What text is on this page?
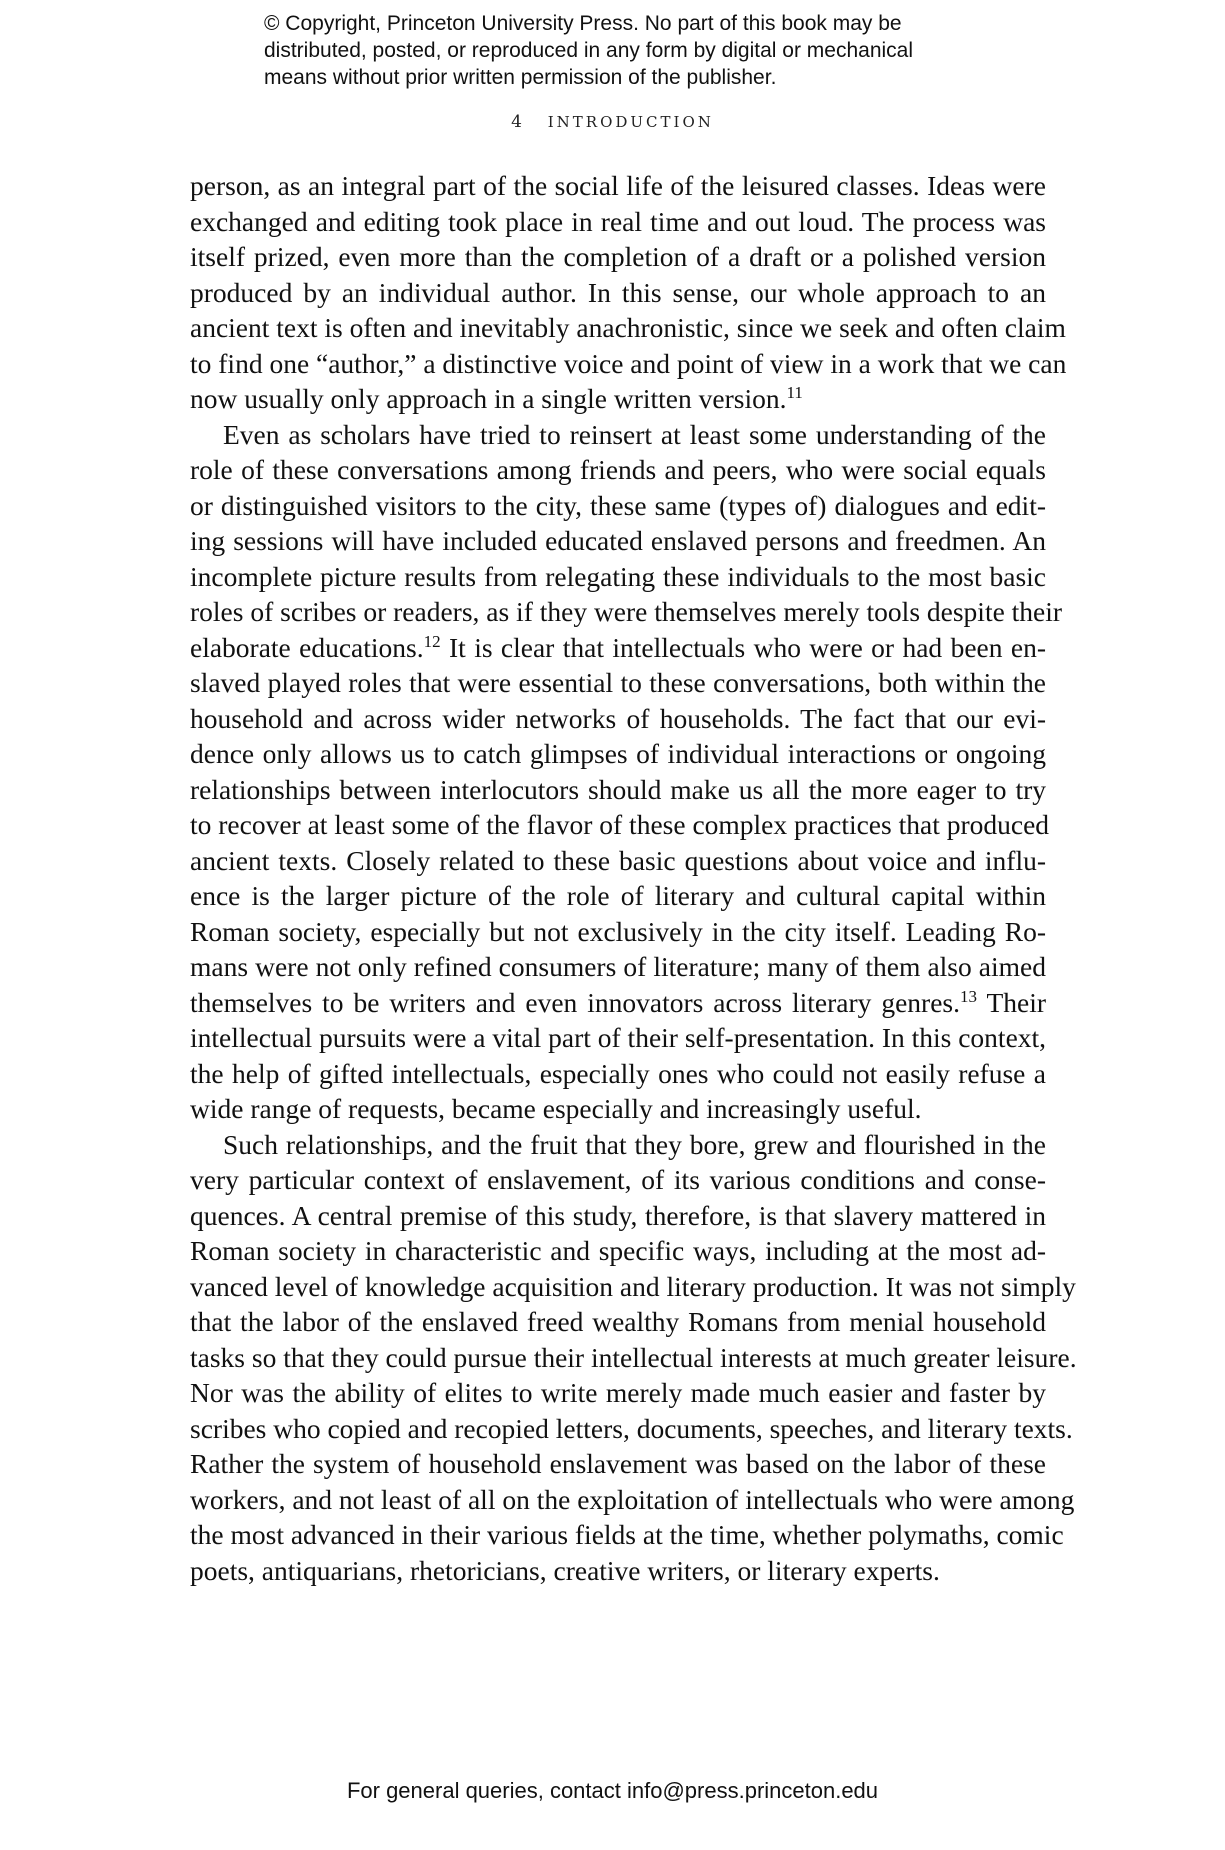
© Copyright, Princeton University Press. No part of this book may be
distributed, posted, or reproduced in any form by digital or mechanical
means without prior written permission of the publisher.
4 INTRODUCTION
person, as an integral part of the social life of the leisured classes. Ideas were
exchanged and editing took place in real time and out loud. The process was
itself prized, even more than the completion of a draft or a polished version
produced by an individual author. In this sense, our whole approach to an
ancient text is often and inevitably anachronistic, since we seek and often claim
to find one “author,” a distinctive voice and point of view in a work that we can
now usually only approach in a single written version.$^{11}$
Even as scholars have tried to reinsert at least some understanding of the
role of these conversations among friends and peers, who were social equals
or distinguished visitors to the city, these same (types of) dialogues and edit-
ing sessions will have included educated enslaved persons and freedmen. An
incomplete picture results from relegating these individuals to the most basic
roles of scribes or readers, as if they were themselves merely tools despite their
elaborate educations.$^{12}$ It is clear that intellectuals who were or had been en-
slaved played roles that were essential to these conversations, both within the
household and across wider networks of households. The fact that our evi-
dence only allows us to catch glimpses of individual interactions or ongoing
relationships between interlocutors should make us all the more eager to try
to recover at least some of the flavor of these complex practices that produced
ancient texts. Closely related to these basic questions about voice and influ-
ence is the larger picture of the role of literary and cultural capital within
Roman society, especially but not exclusively in the city itself. Leading Ro-
mans were not only refined consumers of literature; many of them also aimed
themselves to be writers and even innovators across literary genres.$^{13}$ Their
intellectual pursuits were a vital part of their self-presentation. In this context,
the help of gifted intellectuals, especially ones who could not easily refuse a
wide range of requests, became especially and increasingly useful.
Such relationships, and the fruit that they bore, grew and flourished in the
very particular context of enslavement, of its various conditions and conse-
quences. A central premise of this study, therefore, is that slavery mattered in
Roman society in characteristic and specific ways, including at the most ad-
vanced level of knowledge acquisition and literary production. It was not simply
that the labor of the enslaved freed wealthy Romans from menial household
tasks so that they could pursue their intellectual interests at much greater leisure.
Nor was the ability of elites to write merely made much easier and faster by
scribes who copied and recopied letters, documents, speeches, and literary texts.
Rather the system of household enslavement was based on the labor of these
workers, and not least of all on the exploitation of intellectuals who were among
the most advanced in their various fields at the time, whether polymaths, comic
poets, antiquarians, rhetoricians, creative writers, or literary experts.
For general queries, contact info@press.princeton.edu
